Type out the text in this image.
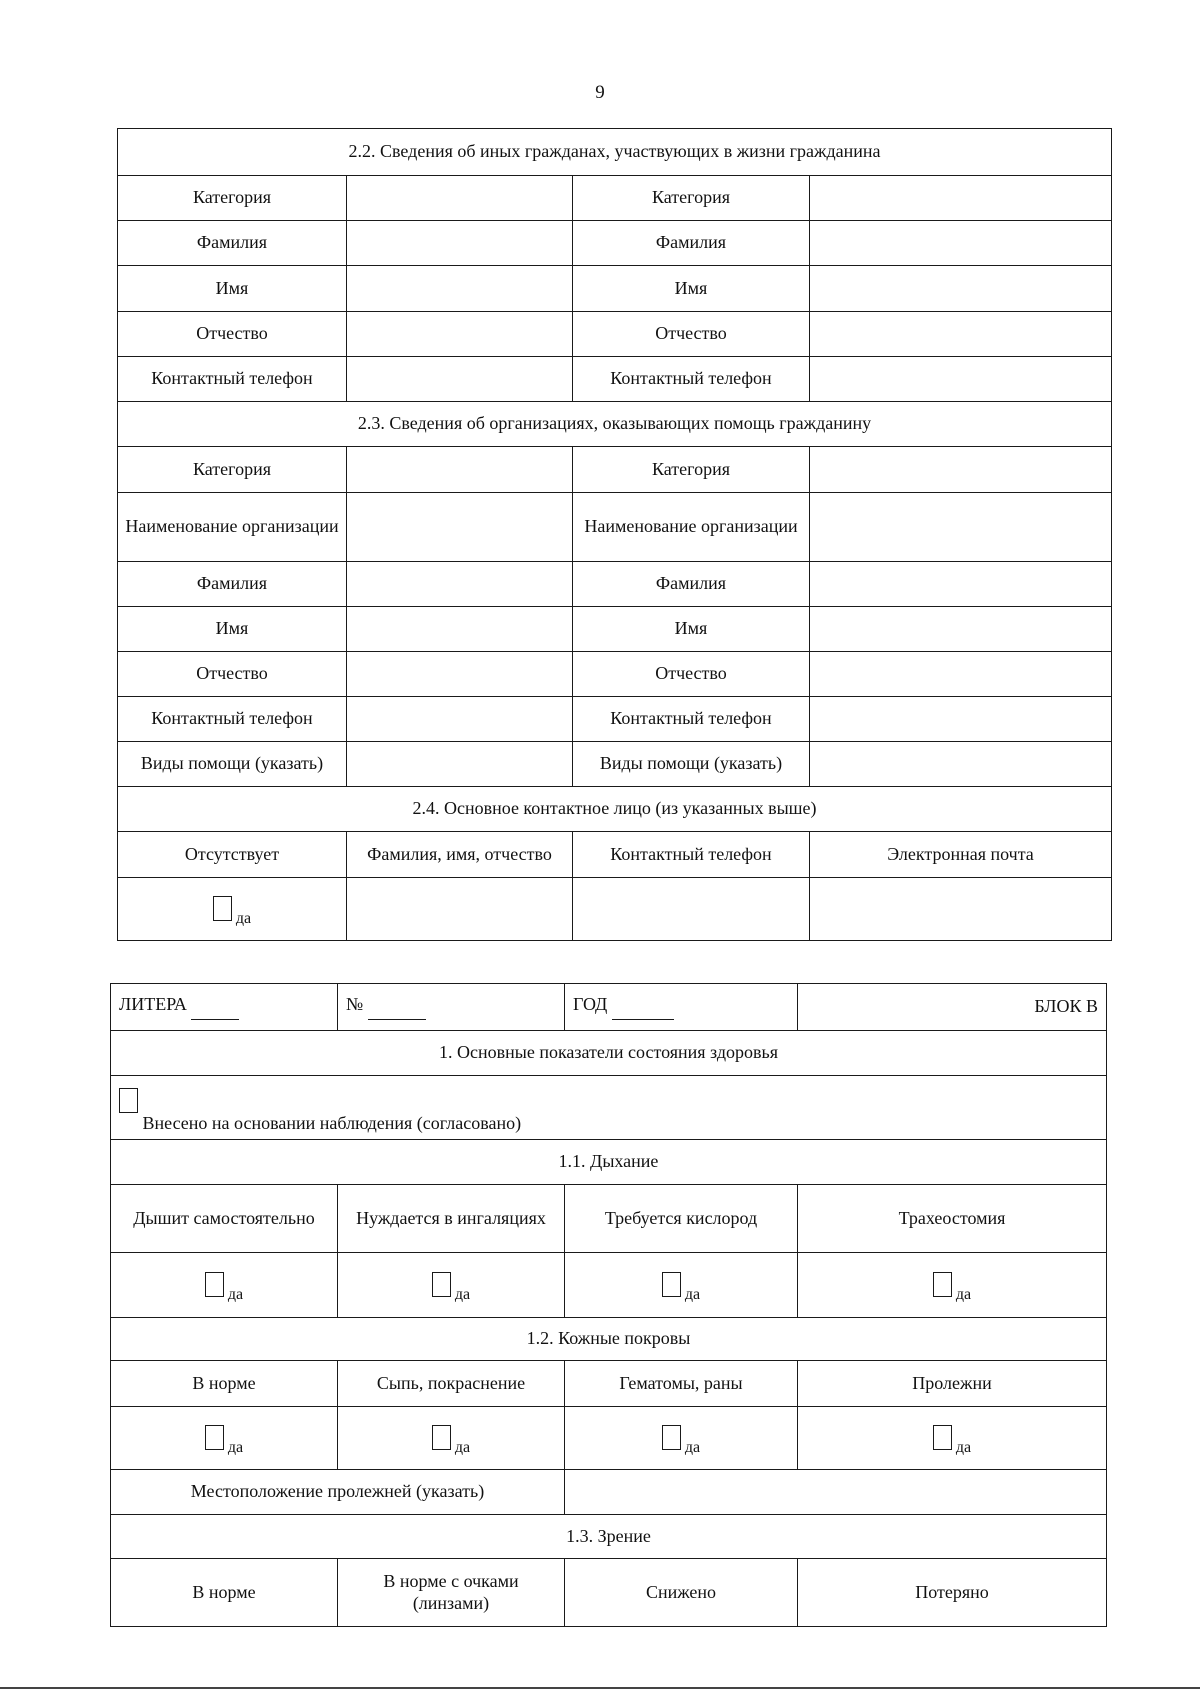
9
2.2. Сведения об иных гражданах, участвующих в жизни гражданина			
Категория		Категория	
Фамилия		Фамилия	
Имя		Имя	
Отчество		Отчество	
Контактный телефон		Контактный телефон	
2.3. Сведения об организациях, оказывающих помощь гражданину			
Категория		Категория	
Наименование организации		Наименование организации	
Фамилия		Фамилия	
Имя		Имя	
Отчество		Отчество	
Контактный телефон		Контактный телефон	
Виды помощи (указать)		Виды помощи (указать)	
2.4. Основное контактное лицо (из указанных выше)			
Отсутствует	Фамилия, имя, отчество	Контактный телефон	Электронная почта
да			
ЛИТЕРА	№	ГОД	БЛОК В
1. Основные показатели состояния здоровья			
Внесено на основании наблюдения (согласовано)			
1.1. Дыхание			
Дышит самостоятельно	Нуждается в ингаляциях	Требуется кислород	Трахеостомия
да	да	да	да
1.2. Кожные покровы			
В норме	Сыпь, покраснение	Гематомы, раны	Пролежни
да	да	да	да
Местоположение пролежней (указать)			
1.3. Зрение			
В норме	В норме с очками (линзами)	Снижено	Потеряно
